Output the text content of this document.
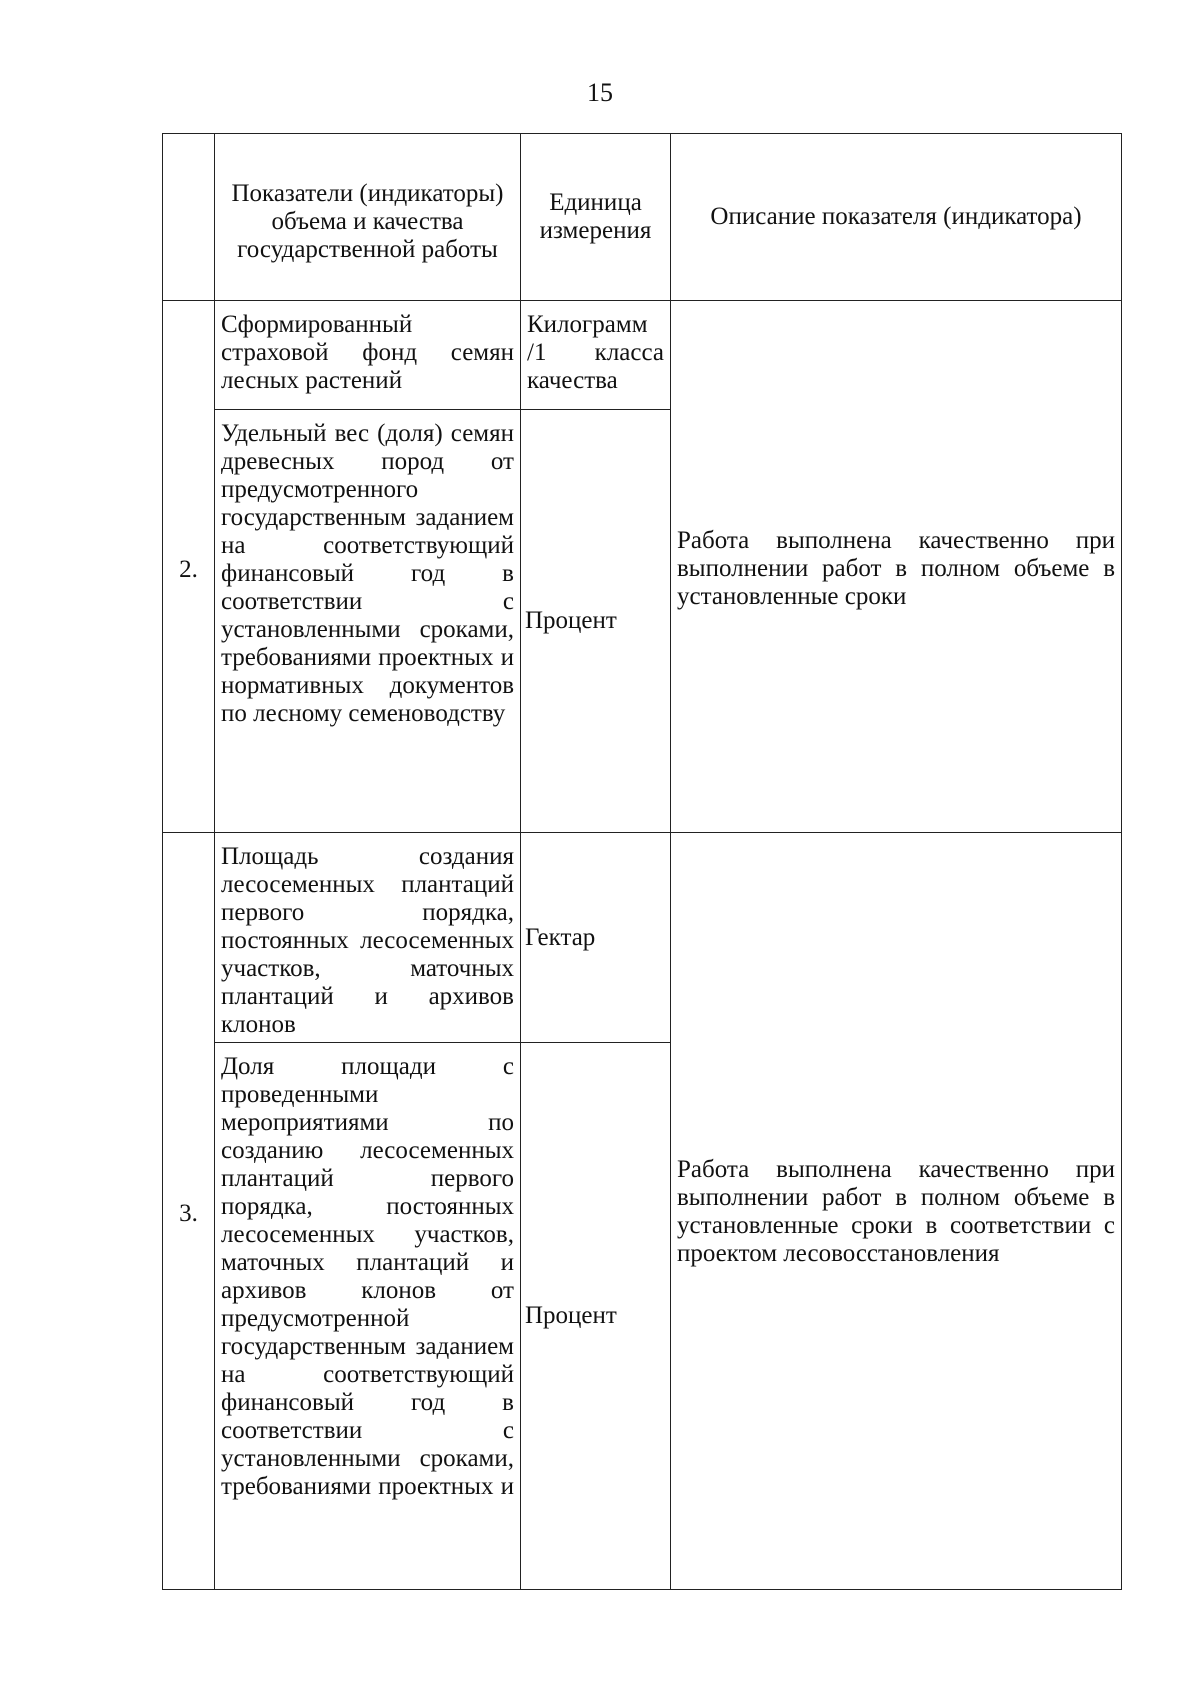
15
	Показатели (индикаторы) объема и качества государственной работы	Единица измерения	Описание показателя (индикатора)
2.	Сформированный страховой фонд семян лесных растений	Килограмм /1 класса качества	Работа выполнена качественно при выполнении работ в полном объеме в установленные сроки

	Удельный вес (доля) семян древесных пород от предусмотренного государственным заданием на соответствующий финансовый год в соответствии с установленными сроками, требованиями проектных и нормативных документов по лесному семеноводству	Процент	
3.	Площадь создания лесосеменных плантаций первого порядка, постоянных лесосеменных участков, маточных плантаций и архивов клонов	Гектар	Работа выполнена качественно при выполнении работ в полном объеме в установленные сроки в соответствии с проектом лесовосстановления

	Доля площади с проведенными мероприятиями по созданию лесосеменных плантаций первого порядка, постоянных лесосеменных участков, маточных плантаций и архивов клонов от предусмотренной государственным заданием на соответствующий финансовый год в соответствии с установленными сроками, требованиями проектных и	Процент	
